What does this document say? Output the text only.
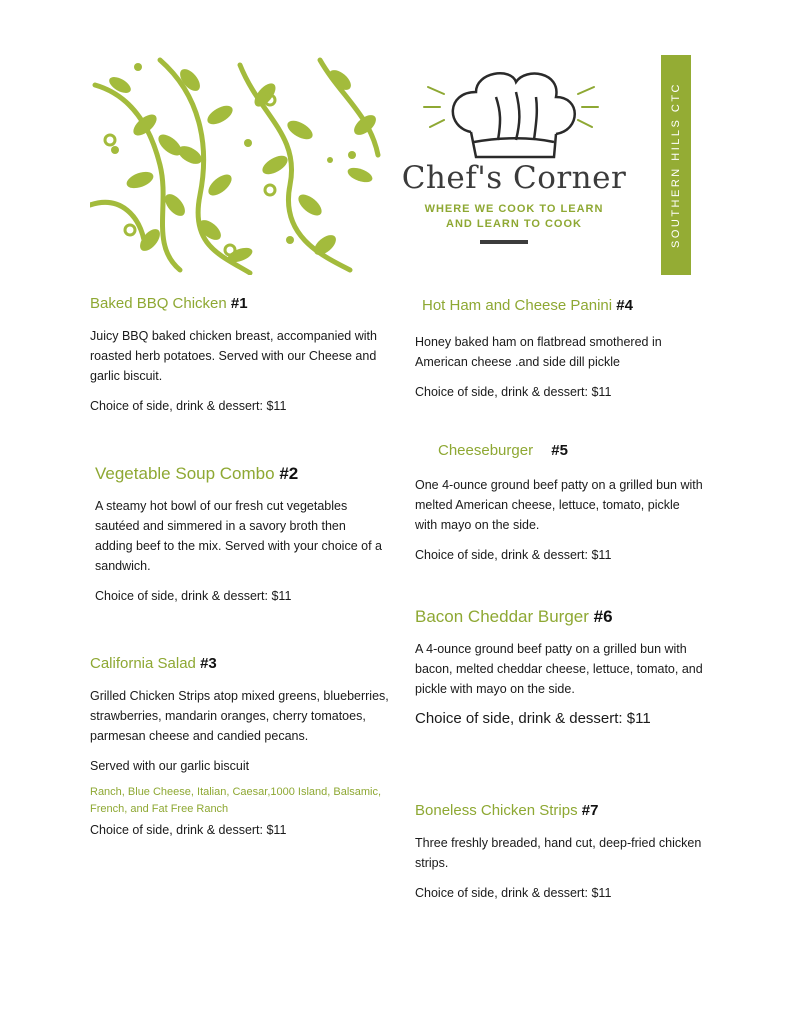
Chef's Corner
WHERE WE COOK TO LEARN
AND LEARN TO COOK	SOUTHERN HILLS CTC
Baked BBQ Chicken #1
Juicy BBQ baked chicken breast, accompanied with roasted herb potatoes. Served with our Cheese and garlic biscuit.
Choice of side, drink & dessert: $11
Vegetable Soup Combo #2
A steamy hot bowl of our fresh cut vegetables sautéed and simmered in a savory broth then adding beef to the mix. Served with your choice of a sandwich.
Choice of side, drink & dessert: $11
California Salad #3
Grilled Chicken Strips atop mixed greens, blueberries, strawberries, mandarin oranges, cherry tomatoes, parmesan cheese and candied pecans.
Served with our garlic biscuit
Ranch, Blue Cheese, Italian, Caesar,1000 Island, Balsamic, French, and Fat Free Ranch
Choice of side, drink & dessert: $11
Hot Ham and Cheese Panini #4
Honey baked ham on flatbread smothered in American cheese .and side dill pickle
Choice of side, drink & dessert: $11
Cheeseburger #5
One 4-ounce ground beef patty on a grilled bun with melted American cheese, lettuce, tomato, pickle with mayo on the side.
Choice of side, drink & dessert: $11
Bacon Cheddar Burger #6
A 4-ounce ground beef patty on a grilled bun with bacon, melted cheddar cheese, lettuce, tomato, and pickle with mayo on the side.
Choice of side, drink & dessert: $11
Boneless Chicken Strips #7
Three freshly breaded, hand cut, deep-fried chicken strips.
Choice of side, drink & dessert: $11
